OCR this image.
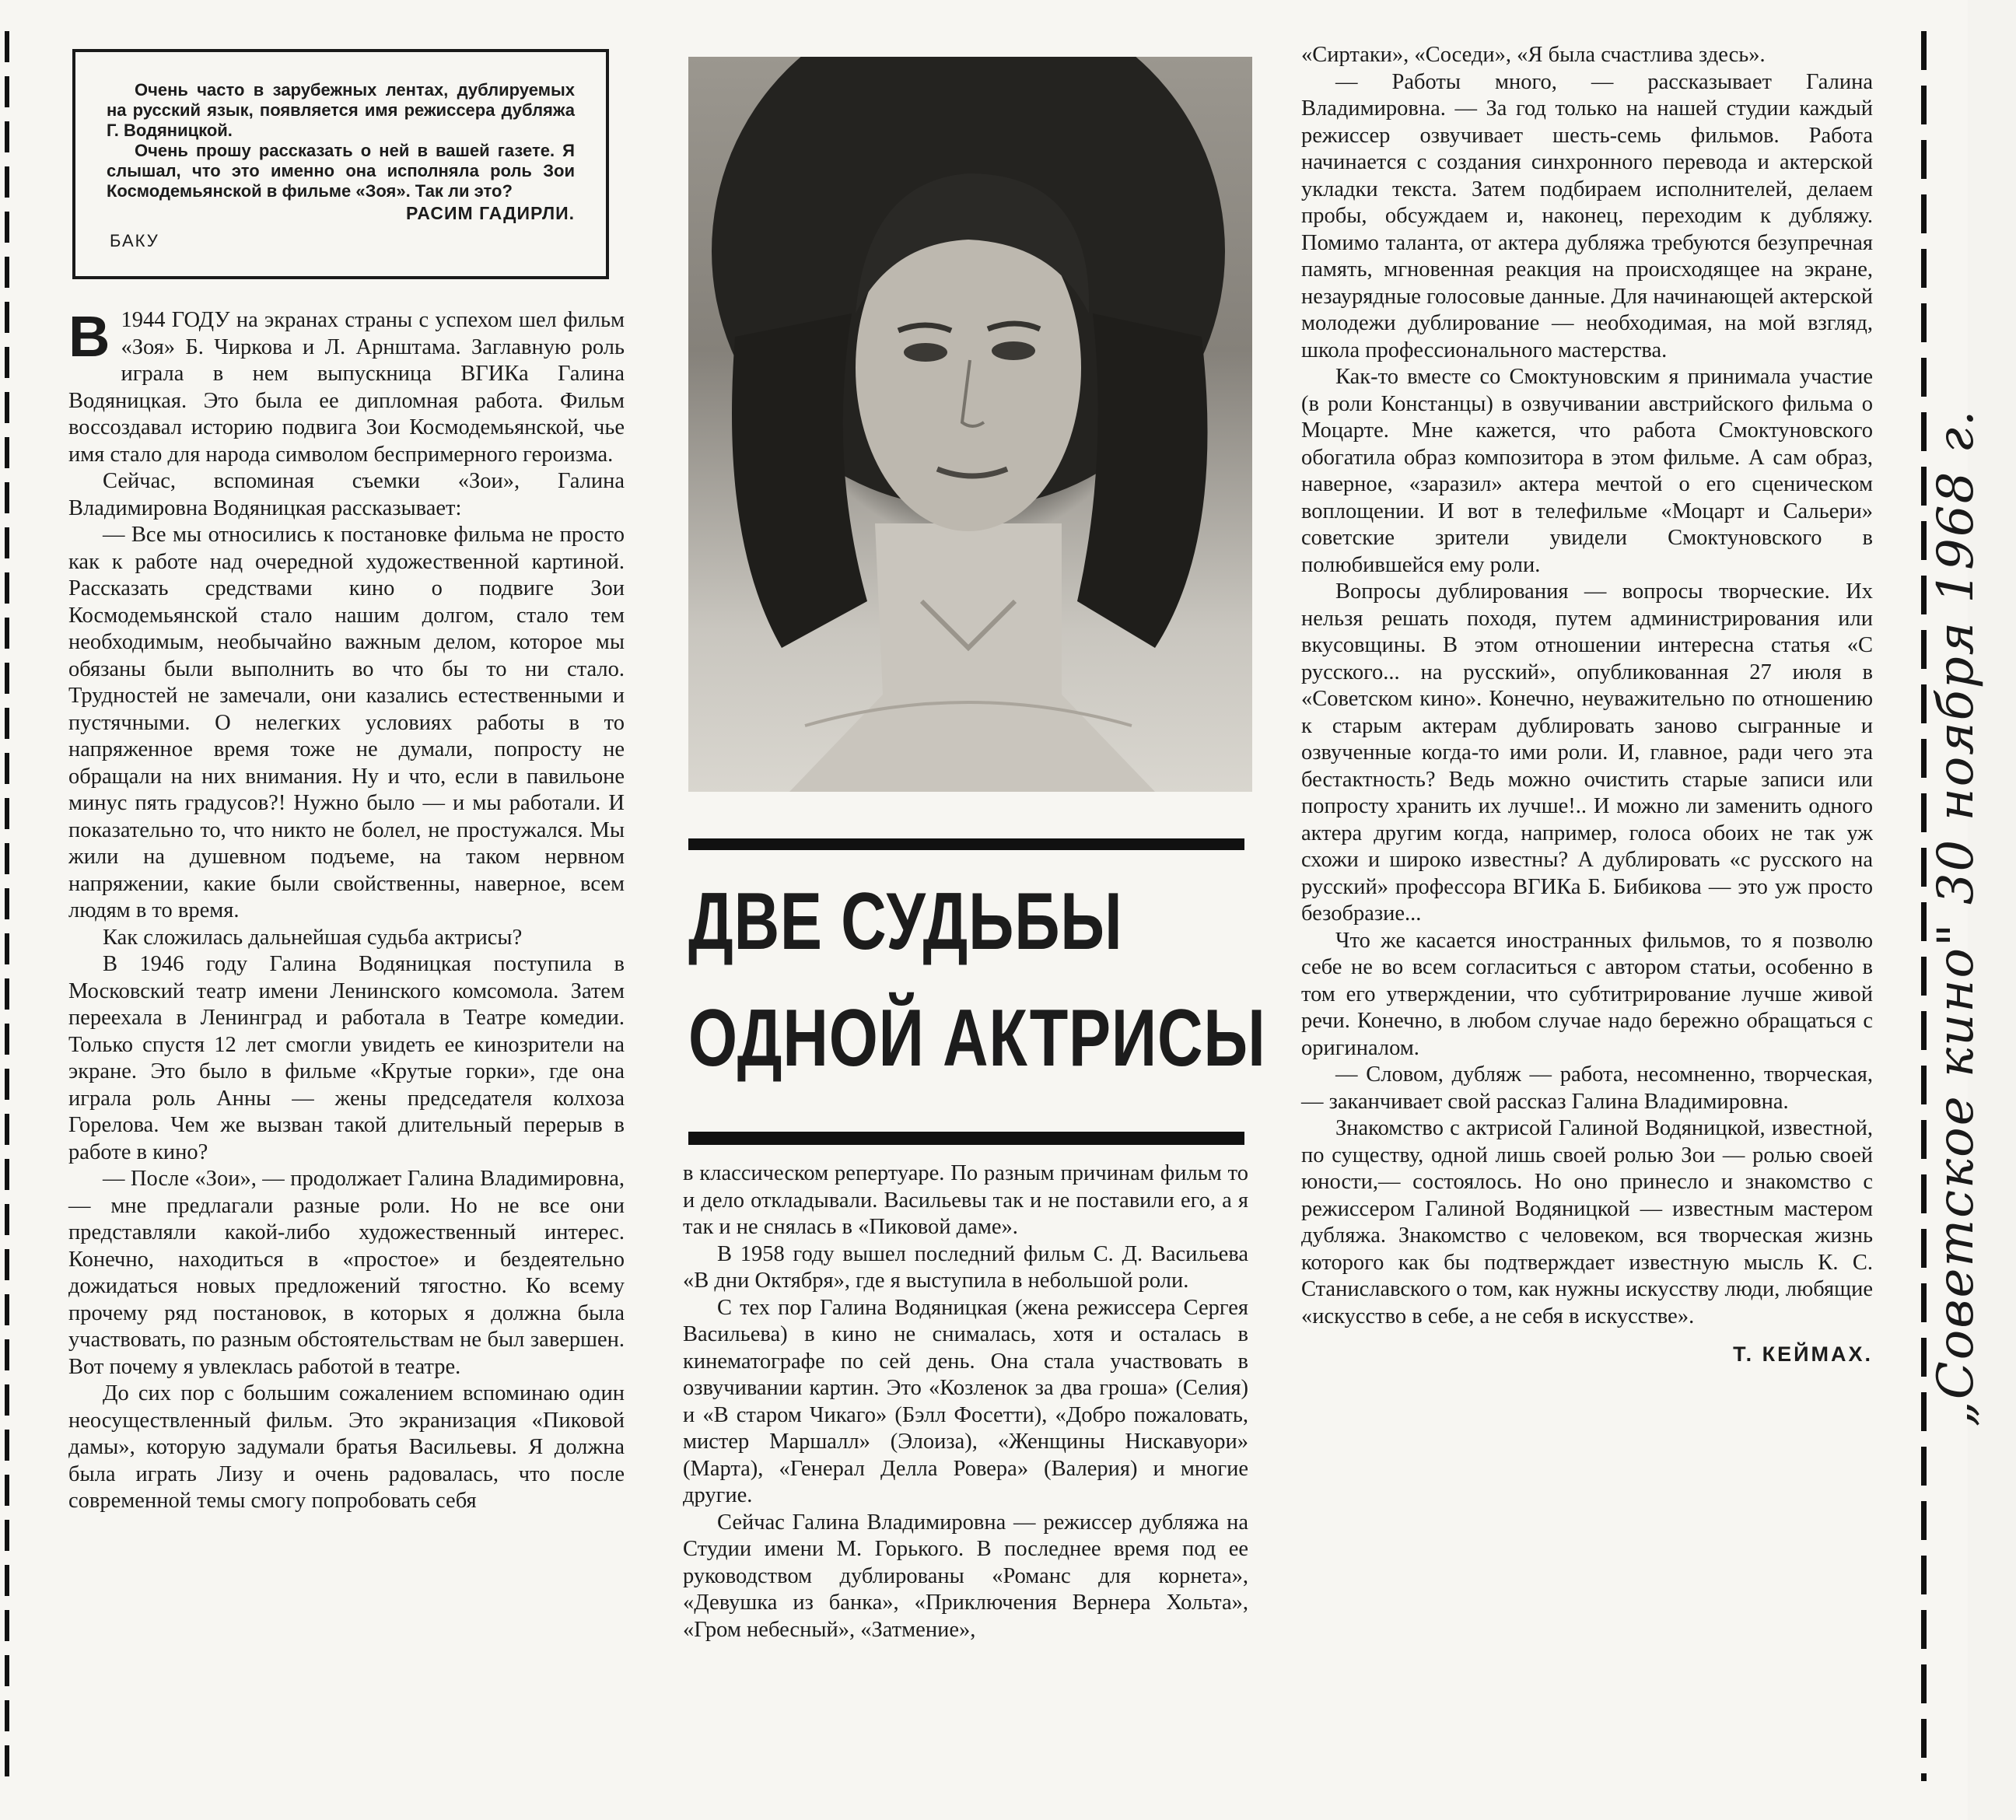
Очень часто в зарубежных лентах, дублируемых на русский язык, появляется имя режиссера дубляжа Г. Водяницкой.

Очень прошу рассказать о ней в вашей газете. Я слышал, что это именно она исполняла роль Зои Космодемьянской в фильме «Зоя». Так ли это?

РАСИМ ГАДИРЛИ.
БАКУ

В 1944 ГОДУ на экранах страны с успехом шел фильм «Зоя» Б. Чиркова и Л. Арнштама. Заглавную роль играла в нем выпускница ВГИКа Галина Водяницкая. Это была ее дипломная работа. Фильм воссоздавал историю подвига Зои Космодемьянской, чье имя стало для народа символом беспримерного героизма.

Сейчас, вспоминая съемки «Зои», Галина Владимировна Водяницкая рассказывает:

— Все мы относились к постановке фильма не просто как к работе над очередной художественной картиной. Рассказать средствами кино о подвиге Зои Космодемьянской стало нашим долгом, стало тем необходимым, необычайно важным делом, которое мы обязаны были выполнить во что бы то ни стало. Трудностей не замечали, они казались естественными и пустячными. О нелегких условиях работы в то напряженное время тоже не думали, попросту не обращали на них внимания. Ну и что, если в павильоне минус пять градусов?! Нужно было — и мы работали. И показательно то, что никто не болел, не простужался. Мы жили на душевном подъеме, на таком нервном напряжении, какие были свойственны, наверное, всем людям в то время.

Как сложилась дальнейшая судьба актрисы?

В 1946 году Галина Водяницкая поступила в Московский театр имени Ленинского комсомола. Затем переехала в Ленинград и работала в Театре комедии. Только спустя 12 лет смогли увидеть ее кинозрители на экране. Это было в фильме «Крутые горки», где она играла роль Анны — жены председателя колхоза Горелова. Чем же вызван такой длительный перерыв в работе в кино?

— После «Зои», — продолжает Галина Владимировна,— мне предлагали разные роли. Но не все они представляли какой-либо художественный интерес. Конечно, находиться в «простое» и бездеятельно дожидаться новых предложений тягостно. Ко всему прочему ряд постановок, в которых я должна была участвовать, по разным обстоятельствам не был завершен. Вот почему я увлеклась работой в театре.

До сих пор с большим сожалением вспоминаю один неосуществленный фильм. Это экранизация «Пиковой дамы», которую задумали братья Васильевы. Я должна была играть Лизу и очень радовалась, что после современной темы смогу попробовать себя

ДВЕ СУДЬБЫ
ОДНОЙ АКТРИСЫ

в классическом репертуаре. По разным причинам фильм то и дело откладывали. Васильевы так и не поставили его, а я так и не снялась в «Пиковой даме».

В 1958 году вышел последний фильм С. Д. Васильева «В дни Октября», где я выступила в небольшой роли.

С тех пор Галина Водяницкая (жена режиссера Сергея Васильева) в кино не снималась, хотя и осталась в кинематографе по сей день. Она стала участвовать в озвучивании картин. Это «Козленок за два гроша» (Селия) и «В старом Чикаго» (Бэлл Фосетти), «Добро пожаловать, мистер Маршалл» (Элоиза), «Женщины Нискавуори» (Марта), «Генерал Делла Ровера» (Валерия) и многие другие.

Сейчас Галина Владимировна — режиссер дубляжа на Студии имени М. Горького. В последнее время под ее руководством дублированы «Романс для корнета», «Девушка из банка», «Приключения Вернера Хольта», «Гром небесный», «Затмение»,

«Сиртаки», «Соседи», «Я была счастлива здесь».

— Работы много, — рассказывает Галина Владимировна. — За год только на нашей студии каждый режиссер озвучивает шесть-семь фильмов. Работа начинается с создания синхронного перевода и актерской укладки текста. Затем подбираем исполнителей, делаем пробы, обсуждаем и, наконец, переходим к дубляжу. Помимо таланта, от актера дубляжа требуются безупречная память, мгновенная реакция на происходящее на экране, незаурядные голосовые данные. Для начинающей актерской молодежи дублирование — необходимая, на мой взгляд, школа профессионального мастерства.

Как-то вместе со Смоктуновским я принимала участие (в роли Констанцы) в озвучивании австрийского фильма о Моцарте. Мне кажется, что работа Смоктуновского обогатила образ композитора в этом фильме. А сам образ, наверное, «заразил» актера мечтой о его сценическом воплощении. И вот в телефильме «Моцарт и Сальери» советские зрители увидели Смоктуновского в полюбившейся ему роли.

Вопросы дублирования — вопросы творческие. Их нельзя решать походя, путем администрирования или вкусовщины. В этом отношении интересна статья «С русского... на русский», опубликованная 27 июля в «Советском кино». Конечно, неуважительно по отношению к старым актерам дублировать заново сыгранные и озвученные когда-то ими роли. И, главное, ради чего эта бестактность? Ведь можно очистить старые записи или попросту хранить их лучше!.. И можно ли заменить одного актера другим когда, например, голоса обоих не так уж схожи и широко известны? А дублировать «с русского на русский» профессора ВГИКа Б. Бибикова — это уж просто безобразие...

Что же касается иностранных фильмов, то я позволю себе не во всем согласиться с автором статьи, особенно в том его утверждении, что субтитрирование лучше живой речи. Конечно, в любом случае надо бережно обращаться с оригиналом.

— Словом, дубляж — работа, несомненно, творческая, — заканчивает свой рассказ Галина Владимировна.

Знакомство с актрисой Галиной Водяницкой, известной, по существу, одной лишь своей ролью Зои — ролью своей юности,— состоялось. Но оно принесло и знакомство с режиссером Галиной Водяницкой — известным мастером дубляжа. Знакомство с человеком, вся творческая жизнь которого как бы подтверждает известную мысль К. С. Станиславского о том, как нужны искусству люди, любящие «искусство в себе, а не себя в искусстве».

Т. КЕЙМАХ. „Советское кино" 30 ноября 1968 г.
